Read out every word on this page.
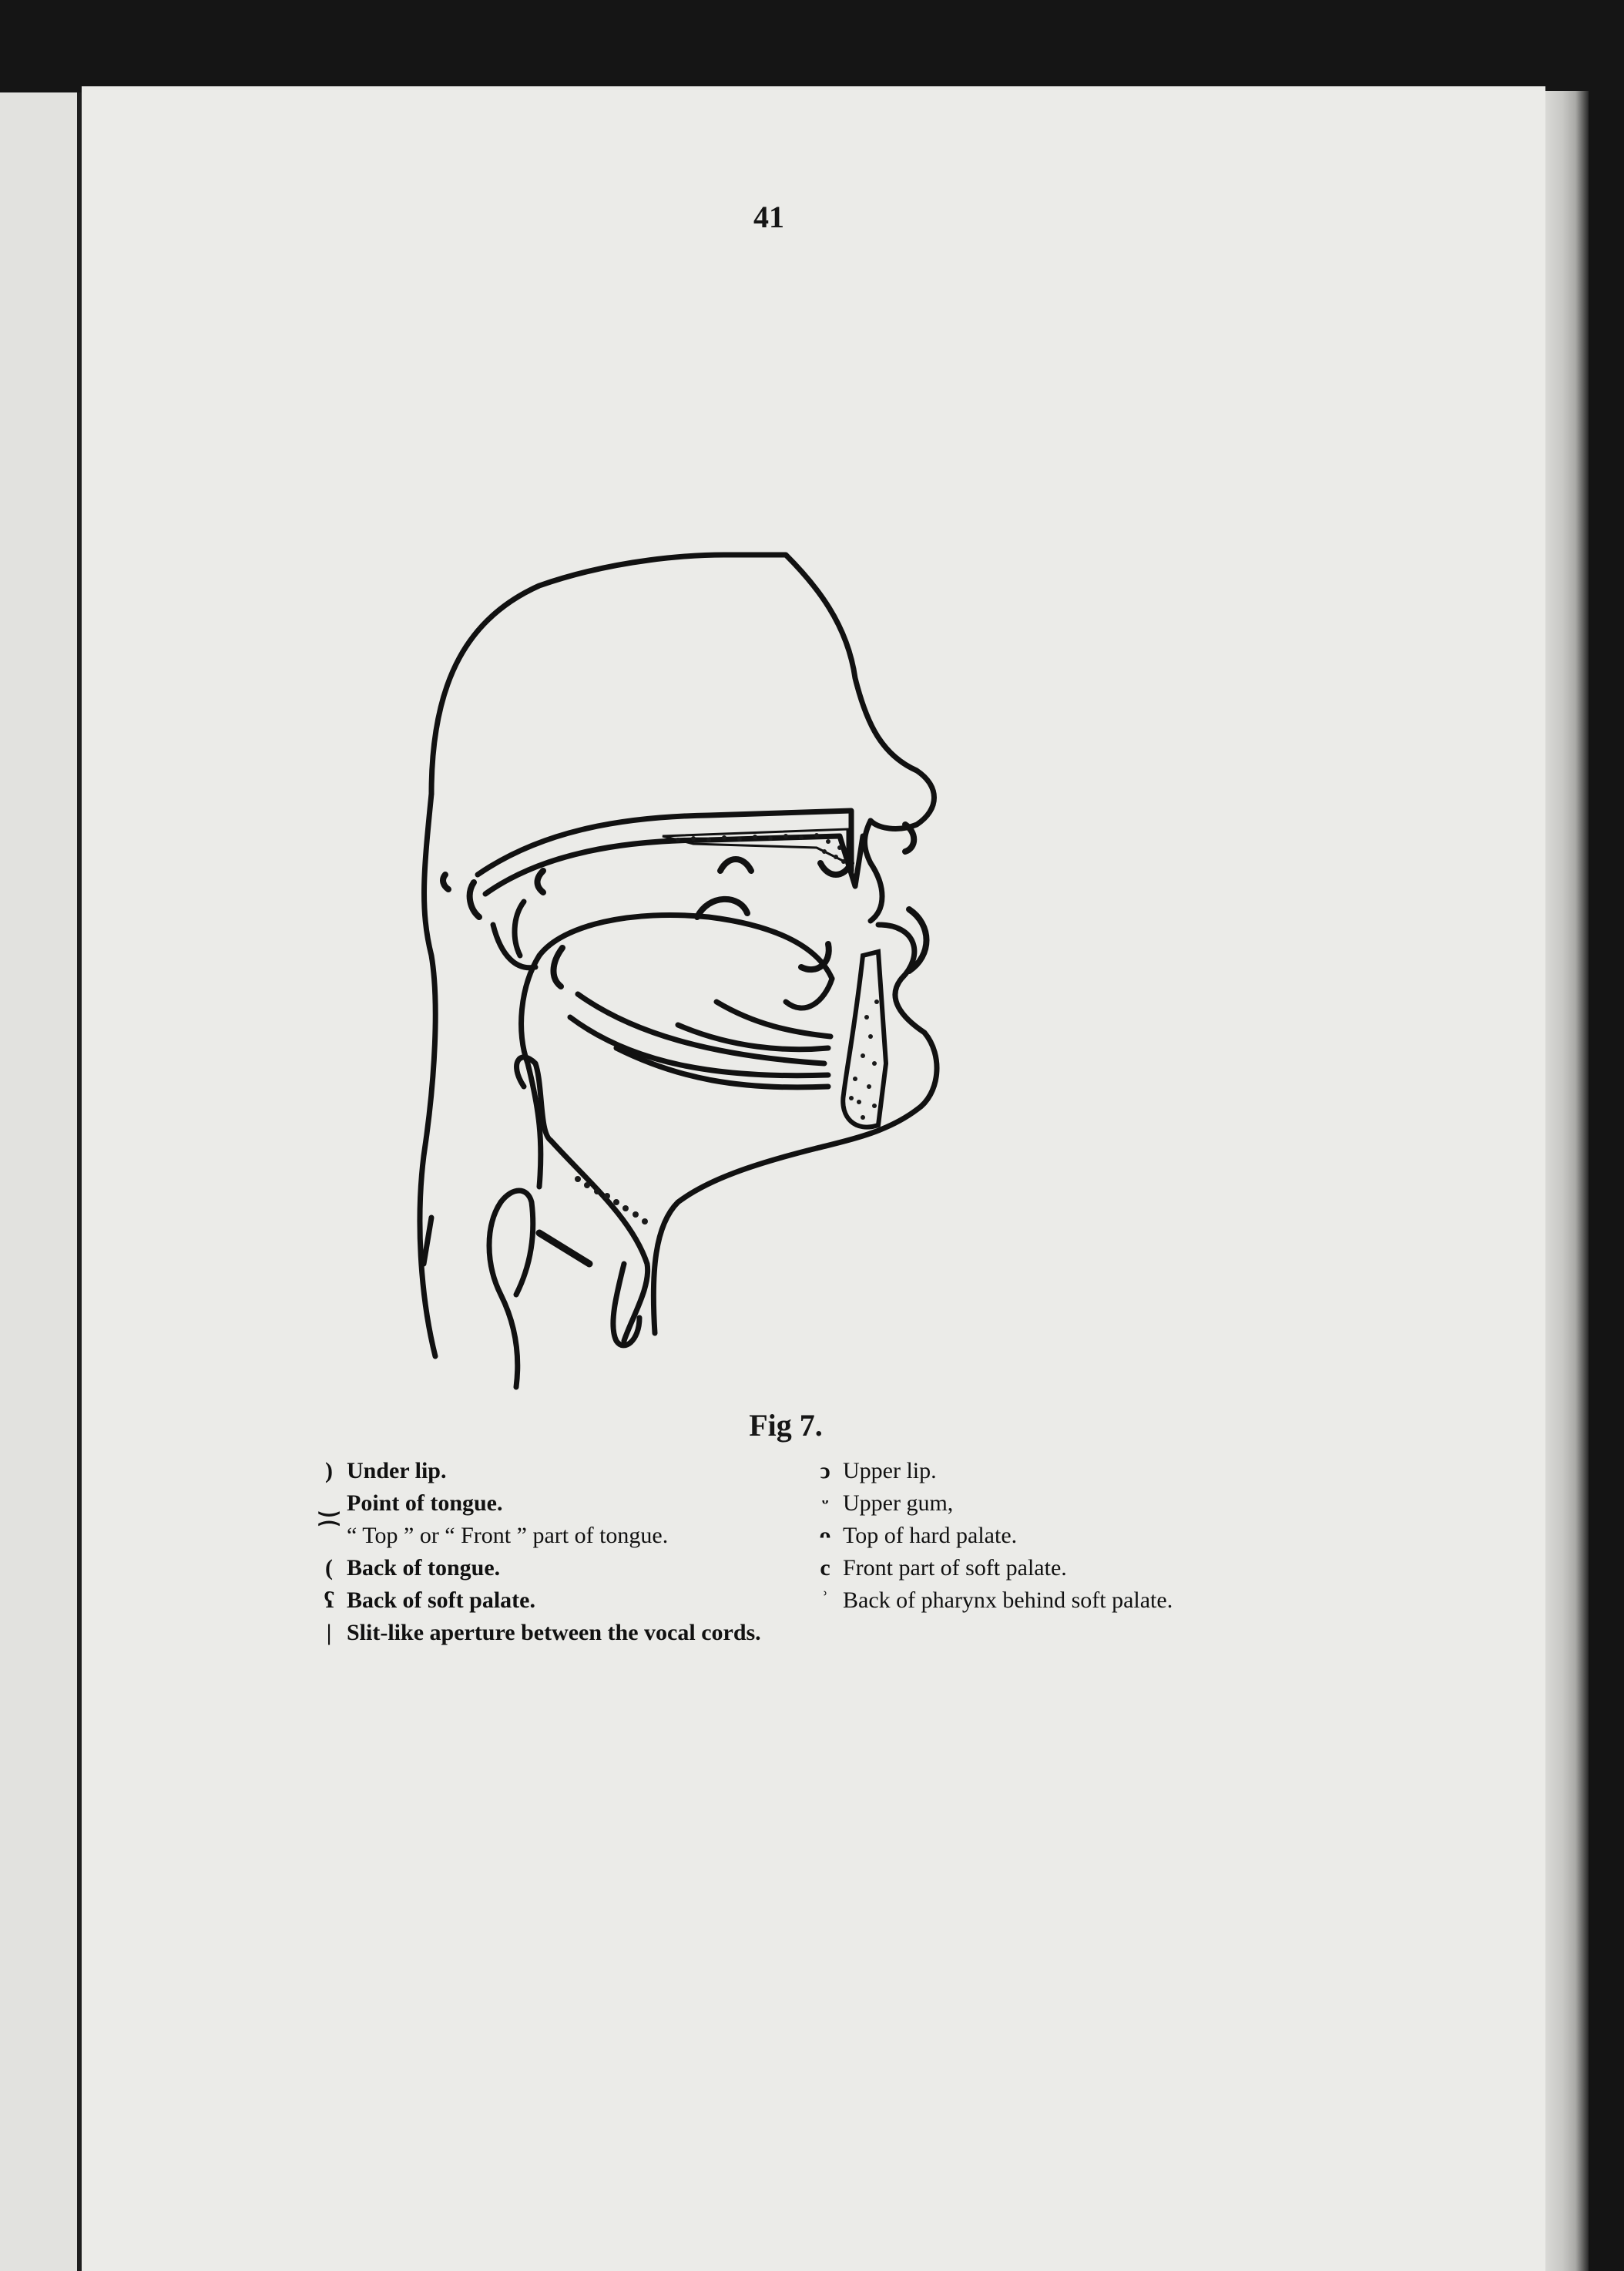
41
Fig 7.
) Under lip.
‿ Point of tongue.
⁀ “ Top ” or “ Front ” part of tongue.
( Back of tongue.
ʕ Back of soft palate.
| Slit-like aperture between the vocal cords.
ͻ Upper lip.
ᵕ Upper gum,
ᴖ Top of hard palate.
c Front part of soft palate.
ʾ Back of pharynx behind soft palate.
